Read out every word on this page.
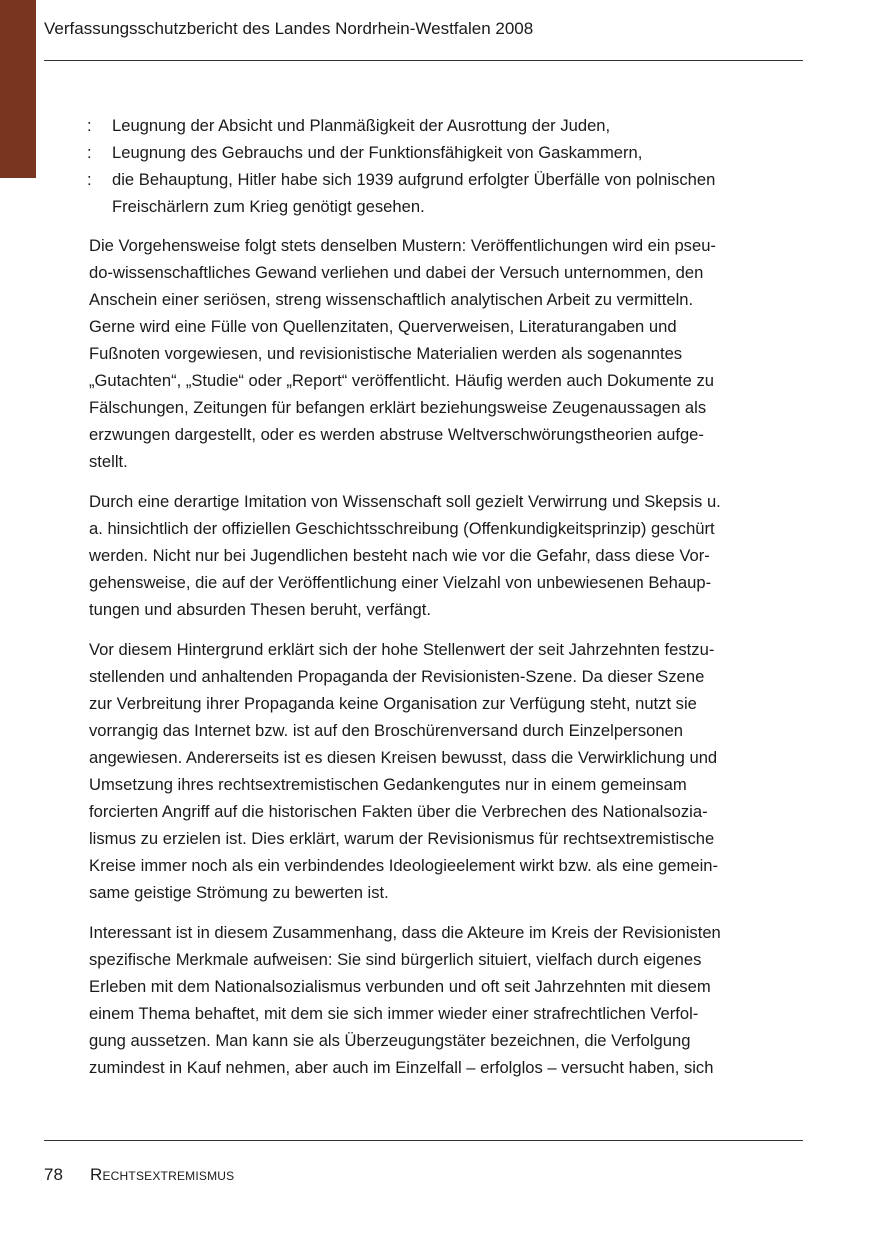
Verfassungsschutzbericht des Landes Nordrhein-Westfalen 2008
: Leugnung der Absicht und Planmäßigkeit der Ausrottung der Juden,
: Leugnung des Gebrauchs und der Funktionsfähigkeit von Gaskammern,
: die Behauptung, Hitler habe sich 1939 aufgrund erfolgter Überfälle von polnischen
Freischärlern zum Krieg genötigt gesehen.

Die Vorgehensweise folgt stets denselben Mustern: Veröffentlichungen wird ein pseu-
do-wissenschaftliches Gewand verliehen und dabei der Versuch unternommen, den
Anschein einer seriösen, streng wissenschaftlich analytischen Arbeit zu vermitteln.
Gerne wird eine Fülle von Quellenzitaten, Querverweisen, Literaturangaben und
Fußnoten vorgewiesen, und revisionistische Materialien werden als sogenanntes
„Gutachten“, „Studie“ oder „Report“ veröffentlicht. Häufig werden auch Dokumente zu
Fälschungen, Zeitungen für befangen erklärt beziehungsweise Zeugenaussagen als
erzwungen dargestellt, oder es werden abstruse Weltverschwörungstheorien aufge-
stellt.

Durch eine derartige Imitation von Wissenschaft soll gezielt Verwirrung und Skepsis u.
a. hinsichtlich der offiziellen Geschichtsschreibung (Offenkundigkeitsprinzip) geschürt
werden. Nicht nur bei Jugendlichen besteht nach wie vor die Gefahr, dass diese Vor-
gehensweise, die auf der Veröffentlichung einer Vielzahl von unbewiesenen Behaup-
tungen und absurden Thesen beruht, verfängt.

Vor diesem Hintergrund erklärt sich der hohe Stellenwert der seit Jahrzehnten festzu-
stellenden und anhaltenden Propaganda der Revisionisten-Szene. Da dieser Szene
zur Verbreitung ihrer Propaganda keine Organisation zur Verfügung steht, nutzt sie
vorrangig das Internet bzw. ist auf den Broschürenversand durch Einzelpersonen
angewiesen. Andererseits ist es diesen Kreisen bewusst, dass die Verwirklichung und
Umsetzung ihres rechtsextremistischen Gedankengutes nur in einem gemeinsam
forcierten Angriff auf die historischen Fakten über die Verbrechen des Nationalsozia-
lismus zu erzielen ist. Dies erklärt, warum der Revisionismus für rechtsextremistische
Kreise immer noch als ein verbindendes Ideologieelement wirkt bzw. als eine gemein-
same geistige Strömung zu bewerten ist.

Interessant ist in diesem Zusammenhang, dass die Akteure im Kreis der Revisionisten
spezifische Merkmale aufweisen: Sie sind bürgerlich situiert, vielfach durch eigenes
Erleben mit dem Nationalsozialismus verbunden und oft seit Jahrzehnten mit diesem
einem Thema behaftet, mit dem sie sich immer wieder einer strafrechtlichen Verfol-
gung aussetzen. Man kann sie als Überzeugungstäter bezeichnen, die Verfolgung
zumindest in Kauf nehmen, aber auch im Einzelfall – erfolglos – versucht haben, sich

78 Rechtsextremismus
